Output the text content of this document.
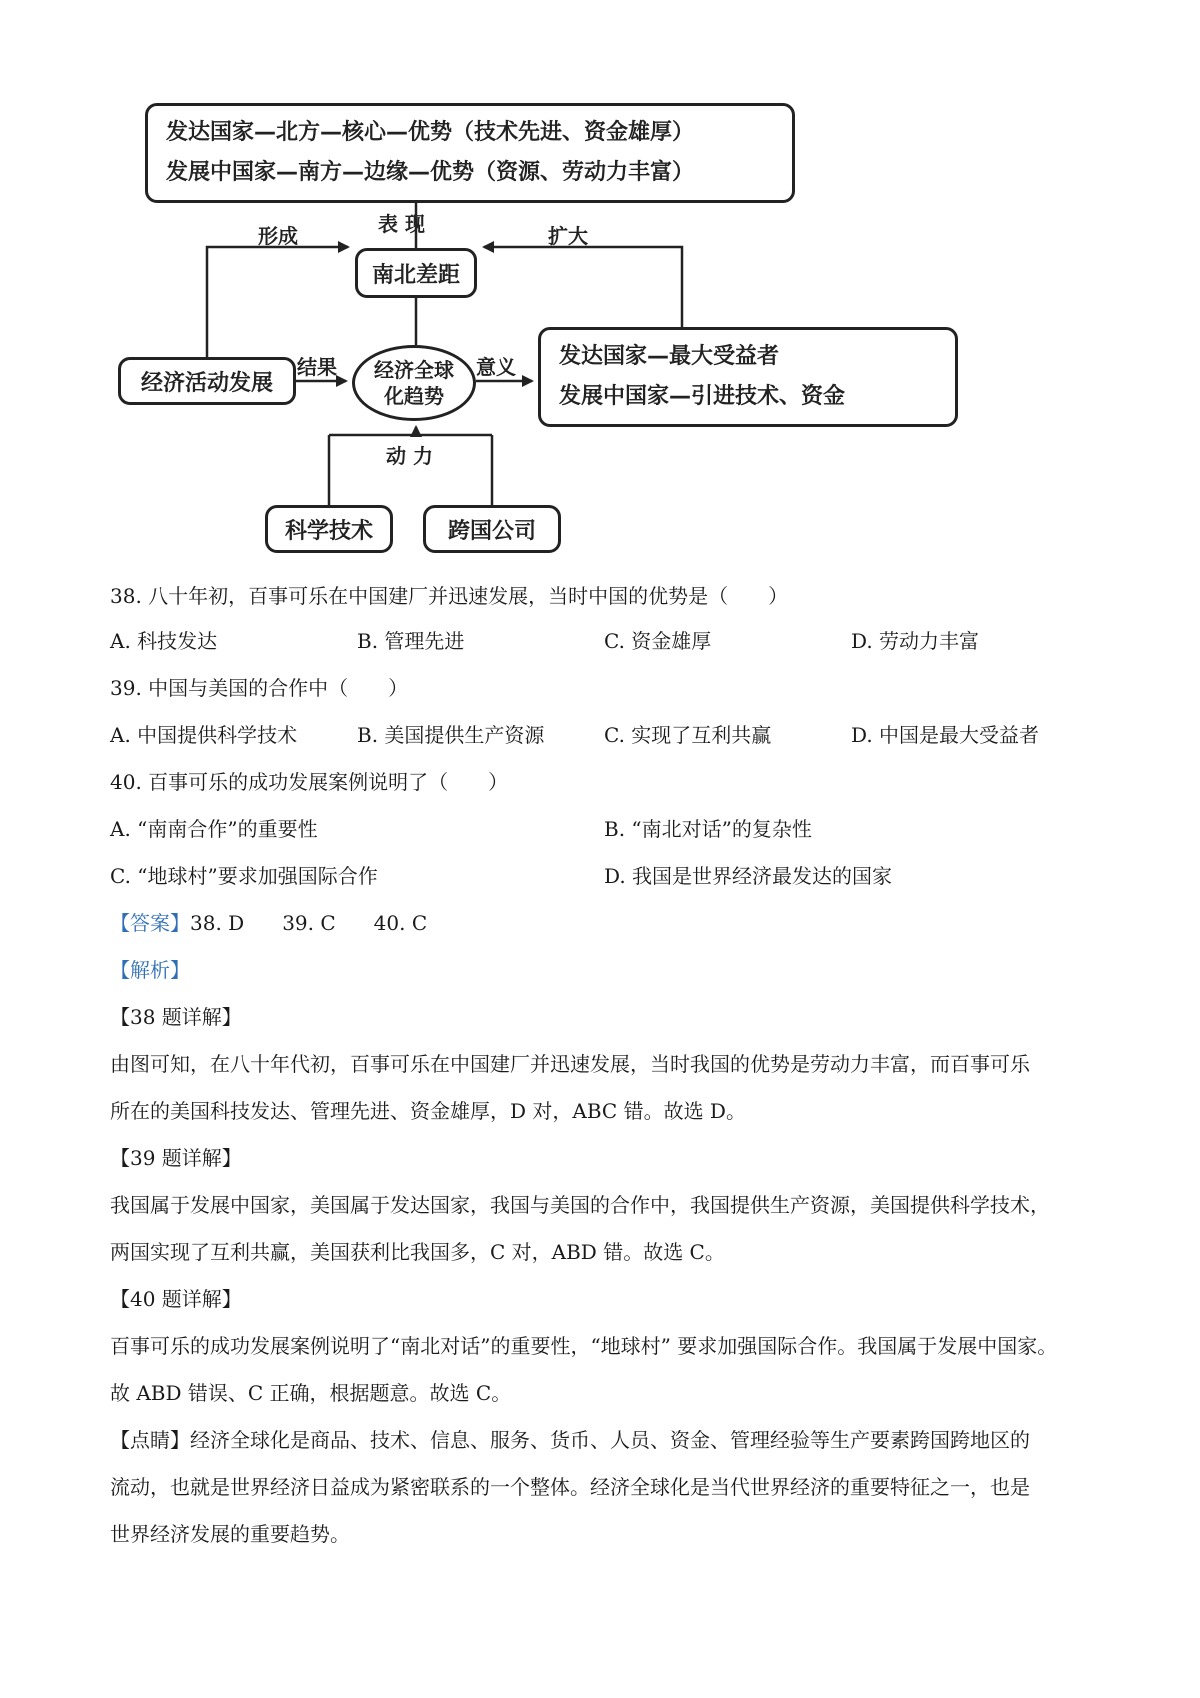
发达国家—北方—核心—优势（技术先进、资金雄厚）
发展中国家—南方—边缘—优势（资源、劳动力丰富）
南北差距
经济活动发展
经济全球
化趋势
发达国家—最大受益者
发展中国家—引进技术、资金
科学技术	跨国公司
表 现
形成	扩大
结果	意义
动 力
38. 八十年初，百事可乐在中国建厂并迅速发展，当时中国的优势是（　　）
A. 科技发达	B. 管理先进	C. 资金雄厚	D. 劳动力丰富
39. 中国与美国的合作中（　　）
A. 中国提供科学技术	B. 美国提供生产资源	C. 实现了互利共赢	D. 中国是最大受益者
40. 百事可乐的成功发展案例说明了（　　）
A. “南南合作”的重要性	B. “南北对话”的复杂性
C. “地球村”要求加强国际合作	D. 我国是世界经济最发达的国家
【答案】38. D 39. C 40. C
【解析】
【38 题详解】
由图可知，在八十年代初，百事可乐在中国建厂并迅速发展，当时我国的优势是劳动力丰富，而百事可乐
所在的美国科技发达、管理先进、资金雄厚，D 对，ABC 错。故选 D。
【39 题详解】
我国属于发展中国家，美国属于发达国家，我国与美国的合作中，我国提供生产资源，美国提供科学技术，
两国实现了互利共赢，美国获利比我国多，C 对，ABD 错。故选 C。
【40 题详解】
百事可乐的成功发展案例说明了“南北对话”的重要性，“地球村” 要求加强国际合作。我国属于发展中国家。
故 ABD 错误、C 正确，根据题意。故选 C。
【点睛】经济全球化是商品、技术、信息、服务、货币、人员、资金、管理经验等生产要素跨国跨地区的
流动，也就是世界经济日益成为紧密联系的一个整体。经济全球化是当代世界经济的重要特征之一，也是
世界经济发展的重要趋势。
